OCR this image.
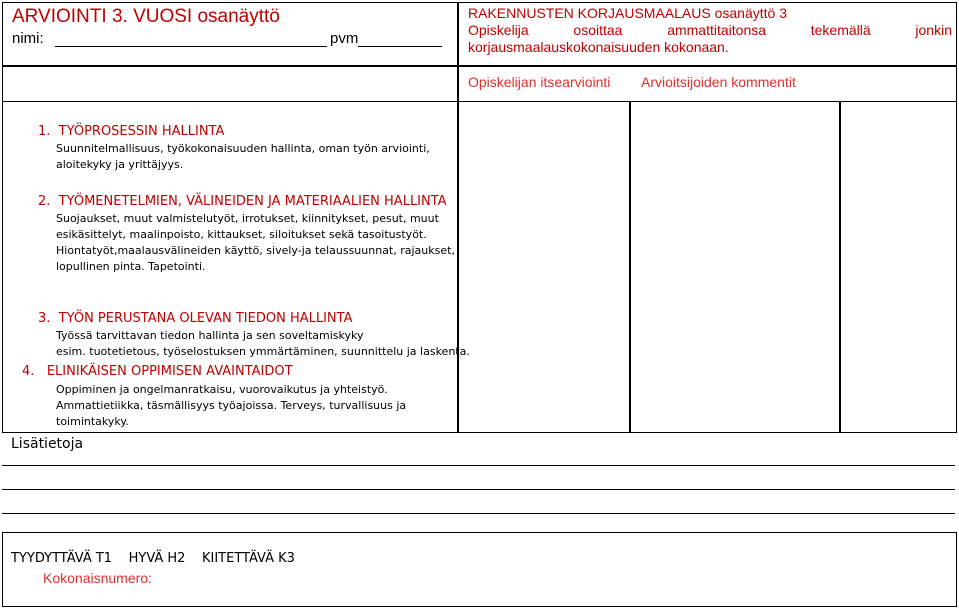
ARVIOINTI 3. VUOSI osanäyttö
nimi:	pvm
RAKENNUSTEN KORJAUSMAALAUS osanäyttö 3
Opiskelija osoittaa ammattitaitonsa tekemällä jonkin
korjausmaalauskokonaisuuden kokonaan.
Opiskelijan itsearviointi Arvioitsijoiden kommentit
1. TYÖPROSESSIN HALLINTA
Suunnitelmallisuus, työkokonaisuuden hallinta, oman työn arviointi,
aloitekyky ja yrittäjyys.
2. TYÖMENETELMIEN, VÄLINEIDEN JA MATERIAALIEN HALLINTA
Suojaukset, muut valmistelutyöt, irrotukset, kiinnitykset, pesut, muut
esikäsittelyt, maalinpoisto, kittaukset, siloitukset sekä tasoitustyöt.
Hiontatyöt,maalausvälineiden käyttö, sively-ja telaussuunnat, rajaukset,
lopullinen pinta. Tapetointi.
3. TYÖN PERUSTANA OLEVAN TIEDON HALLINTA
Työssä tarvittavan tiedon hallinta ja sen soveltamiskyky
esim. tuotetietous, työselostuksen ymmärtäminen, suunnittelu ja laskenta.
4. ELINIKÄISEN OPPIMISEN AVAINTAIDOT
Oppiminen ja ongelmanratkaisu, vuorovaikutus ja yhteistyö.
Ammattietiikka, täsmällisyys työajoissa. Terveys, turvallisuus ja
toimintakyky.
Lisätietoja
TYYDYTTÄVÄ T1    HYVÄ H2    KIITETTÄVÄ K3
Kokonaisnumero:
